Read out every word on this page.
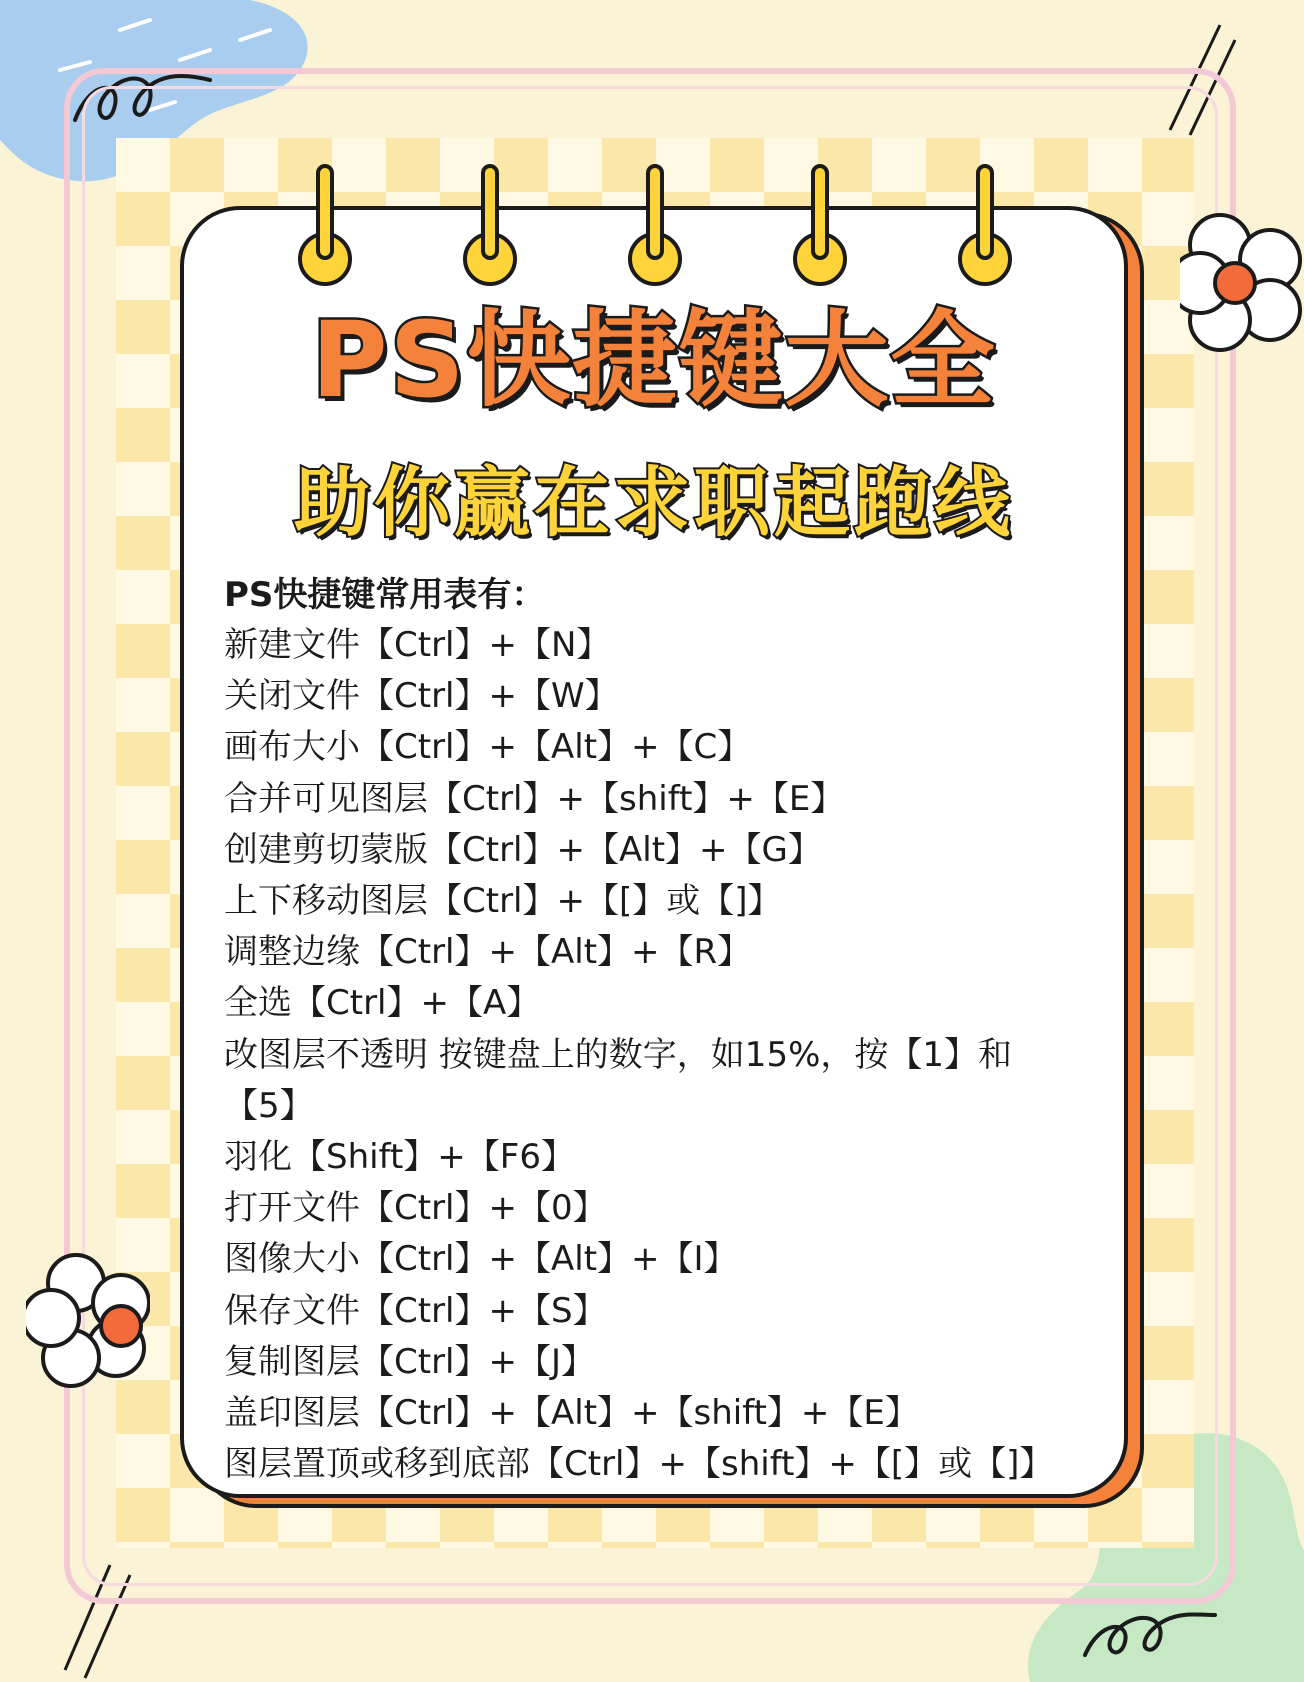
PS快捷键大全
助你赢在求职起跑线
PS快捷键常用表有：
新建文件【Ctrl】+【N】
关闭文件【Ctrl】+【W】
画布大小【Ctrl】+【Alt】+【C】
合并可见图层【Ctrl】+【shift】+【E】
创建剪切蒙版【Ctrl】+【Alt】+【G】
上下移动图层【Ctrl】+【[】或【]】
调整边缘【Ctrl】+【Alt】+【R】
全选【Ctrl】+【A】
改图层不透明 按键盘上的数字，如15%，按【1】和
【5】
羽化【Shift】+【F6】
打开文件【Ctrl】+【0】
图像大小【Ctrl】+【Alt】+【I】
保存文件【Ctrl】+【S】
复制图层【Ctrl】+【J】
盖印图层【Ctrl】+【Alt】+【shift】+【E】
图层置顶或移到底部【Ctrl】+【shift】+【[】或【]】
